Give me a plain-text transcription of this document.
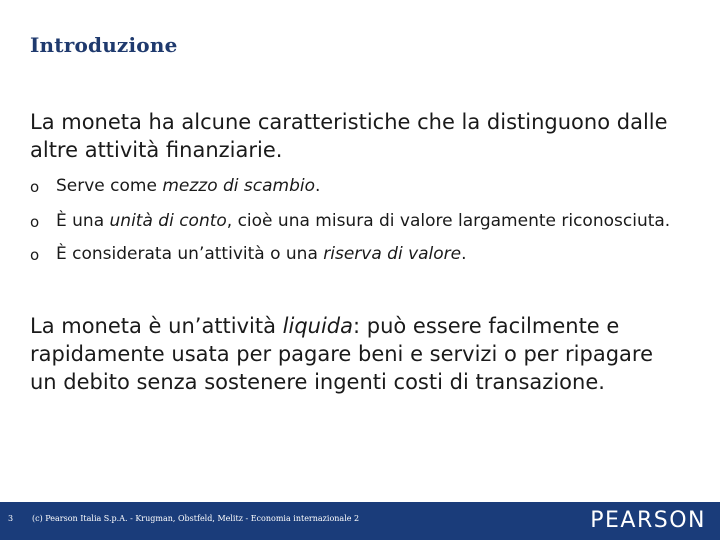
Introduzione
La moneta ha alcune caratteristiche che la distinguono dalle altre attività finanziarie.
o Serve come mezzo di scambio.
o È una unità di conto, cioè una misura di valore largamente riconosciuta.
o È considerata un’attività o una riserva di valore.
La moneta è un’attività liquida: può essere facilmente e rapidamente usata per pagare beni e servizi o per ripagare un debito senza sostenere ingenti costi di transazione.
3 (c) Pearson Italia S.p.A. - Krugman, Obstfeld, Melitz - Economia internazionale 2	PEARSON
